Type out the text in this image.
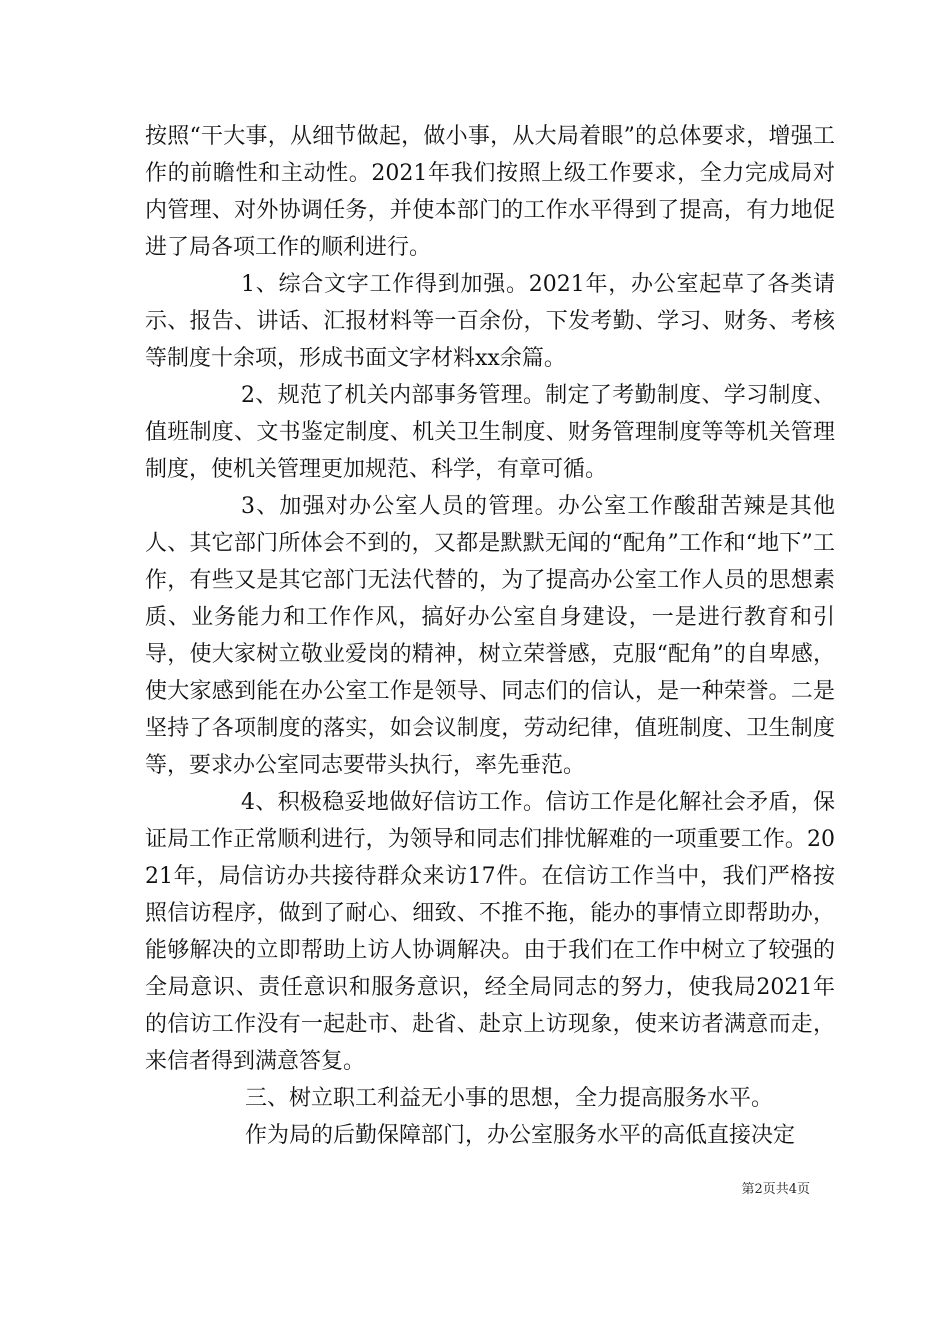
按照“干大事，从细节做起，做小事，从大局着眼”的总体要求，增强工作的前瞻性和主动性。2021年我们按照上级工作要求，全力完成局对内管理、对外协调任务，并使本部门的工作水平得到了提高，有力地促进了局各项工作的顺利进行。

1、综合文字工作得到加强。2021年，办公室起草了各类请示、报告、讲话、汇报材料等一百余份，下发考勤、学习、财务、考核等制度十余项，形成书面文字材料xx余篇。

2、规范了机关内部事务管理。制定了考勤制度、学习制度、值班制度、文书鉴定制度、机关卫生制度、财务管理制度等等机关管理制度，使机关管理更加规范、科学，有章可循。

3、加强对办公室人员的管理。办公室工作酸甜苦辣是其他人、其它部门所体会不到的，又都是默默无闻的“配角”工作和“地下”工作，有些又是其它部门无法代替的，为了提高办公室工作人员的思想素质、业务能力和工作作风，搞好办公室自身建设，一是进行教育和引导，使大家树立敬业爱岗的精神，树立荣誉感，克服“配角”的自卑感，使大家感到能在办公室工作是领导、同志们的信认，是一种荣誉。二是坚持了各项制度的落实，如会议制度，劳动纪律，值班制度、卫生制度等，要求办公室同志要带头执行，率先垂范。

4、积极稳妥地做好信访工作。信访工作是化解社会矛盾，保证局工作正常顺利进行，为领导和同志们排忧解难的一项重要工作。2021年，局信访办共接待群众来访17件。在信访工作当中，我们严格按照信访程序，做到了耐心、细致、不推不拖，能办的事情立即帮助办，能够解决的立即帮助上访人协调解决。由于我们在工作中树立了较强的全局意识、责任意识和服务意识，经全局同志的努力，使我局2021年的信访工作没有一起赴市、赴省、赴京上访现象，使来访者满意而走，来信者得到满意答复。

三、树立职工利益无小事的思想，全力提高服务水平。

作为局的后勤保障部门，办公室服务水平的高低直接决定

第2页共4页
